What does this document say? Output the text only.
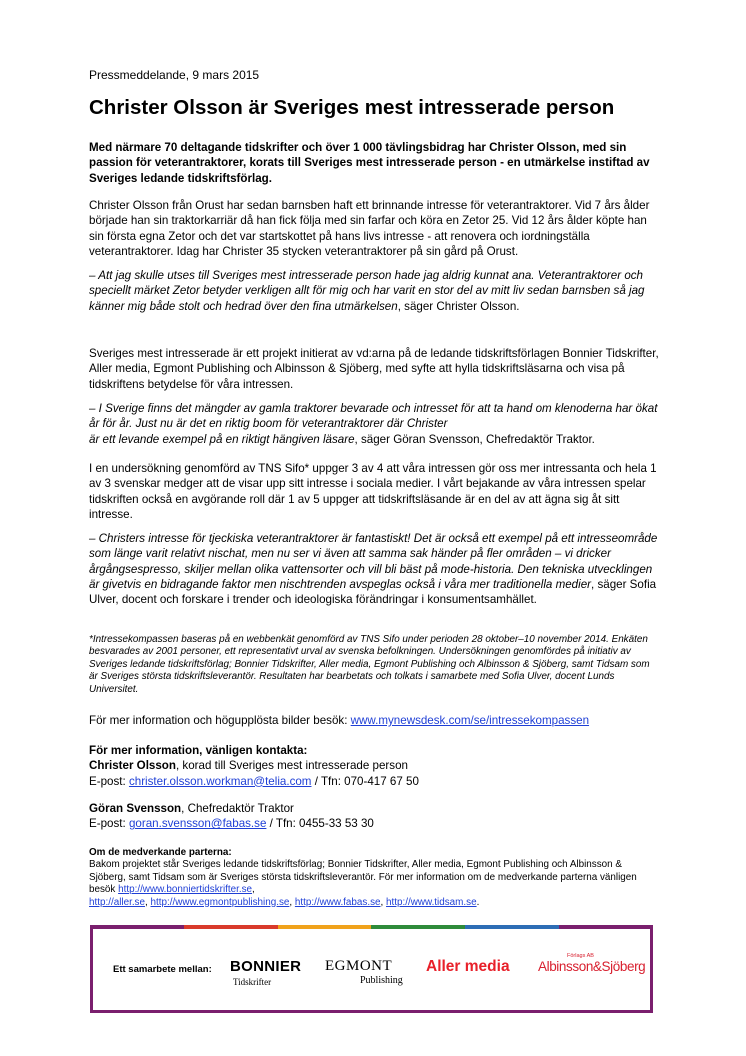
Pressmeddelande, 9 mars 2015
Christer Olsson är Sveriges mest intresserade person

Med närmare 70 deltagande tidskrifter och över 1 000 tävlingsbidrag har Christer Olsson, med sin passion för veterantraktorer, korats till Sveriges mest intresserade person - en utmärkelse instiftad av Sveriges ledande tidskriftsförlag.

Christer Olsson från Orust har sedan barnsben haft ett brinnande intresse för veterantraktorer. Vid 7 års ålder började han sin traktorkarriär då han fick följa med sin farfar och köra en Zetor 25. Vid 12 års ålder köpte han sin första egna Zetor och det var startskottet på hans livs intresse - att renovera och iordningställa veterantraktorer. Idag har Christer 35 stycken veterantraktorer på sin gård på Orust.

– Att jag skulle utses till Sveriges mest intresserade person hade jag aldrig kunnat ana. Veterantraktorer och speciellt märket Zetor betyder verkligen allt för mig och har varit en stor del av mitt liv sedan barnsben så jag känner mig både stolt och hedrad över den fina utmärkelsen, säger Christer Olsson.

Sveriges mest intresserade är ett projekt initierat av vd:arna på de ledande tidskriftsförlagen Bonnier Tidskrifter, Aller media, Egmont Publishing och Albinsson & Sjöberg, med syfte att hylla tidskriftsläsarna och visa på tidskriftens betydelse för våra intressen.

– I Sverige finns det mängder av gamla traktorer bevarade och intresset för att ta hand om klenoderna har ökat år för år. Just nu är det en riktig boom för veterantraktorer där Christer
är ett levande exempel på en riktigt hängiven läsare, säger Göran Svensson, Chefredaktör Traktor.

I en undersökning genomförd av TNS Sifo* uppger 3 av 4 att våra intressen gör oss mer intressanta och hela 1 av 3 svenskar medger att de visar upp sitt intresse i sociala medier. I vårt bejakande av våra intressen spelar tidskriften också en avgörande roll där 1 av 5 uppger att tidskriftsläsande är en del av att ägna sig åt sitt intresse.

– Christers intresse för tjeckiska veterantraktorer är fantastiskt! Det är också ett exempel på ett intresseområde som länge varit relativt nischat, men nu ser vi även att samma sak händer på fler områden – vi dricker årgångsespresso, skiljer mellan olika vattensorter och vill bli bäst på mode-historia. Den tekniska utvecklingen är givetvis en bidragande faktor men nischtrenden avspeglas också i våra mer traditionella medier, säger Sofia Ulver, docent och forskare i trender och ideologiska förändringar i konsumentsamhället.

*Intressekompassen baseras på en webbenkät genomförd av TNS Sifo under perioden 28 oktober–10 november 2014. Enkäten besvarades av 2001 personer, ett representativt urval av svenska befolkningen. Undersökningen genomfördes på initiativ av Sveriges ledande tidskriftsförlag; Bonnier Tidskrifter, Aller media, Egmont Publishing och Albinsson & Sjöberg, samt Tidsam som är Sveriges största tidskriftsleverantör. Resultaten har bearbetats och tolkats i samarbete med Sofia Ulver, docent Lunds Universitet.

För mer information och högupplösta bilder besök: www.mynewsdesk.com/se/intressekompassen

För mer information, vänligen kontakta:
Christer Olsson, korad till Sveriges mest intresserade person
E-post: christer.olsson.workman@telia.com / Tfn: 070-417 67 50

Göran Svensson, Chefredaktör Traktor
E-post: goran.svensson@fabas.se / Tfn: 0455-33 53 30

Om de medverkande parterna:
Bakom projektet står Sveriges ledande tidskriftsförlag; Bonnier Tidskrifter, Aller media, Egmont Publishing och Albinsson & Sjöberg, samt Tidsam som är Sveriges största tidskriftsleverantör. För mer information om de medverkande parterna vänligen besök http://www.bonniertidskrifter.se,
http://aller.se, http://www.egmontpublishing.se, http://www.fabas.se, http://www.tidsam.se.

Ett samarbete mellan: BONNIER
Tidskrifter
EGMONT
Publishing
Aller media
Förlags AB
Albinsson&Sjöberg
